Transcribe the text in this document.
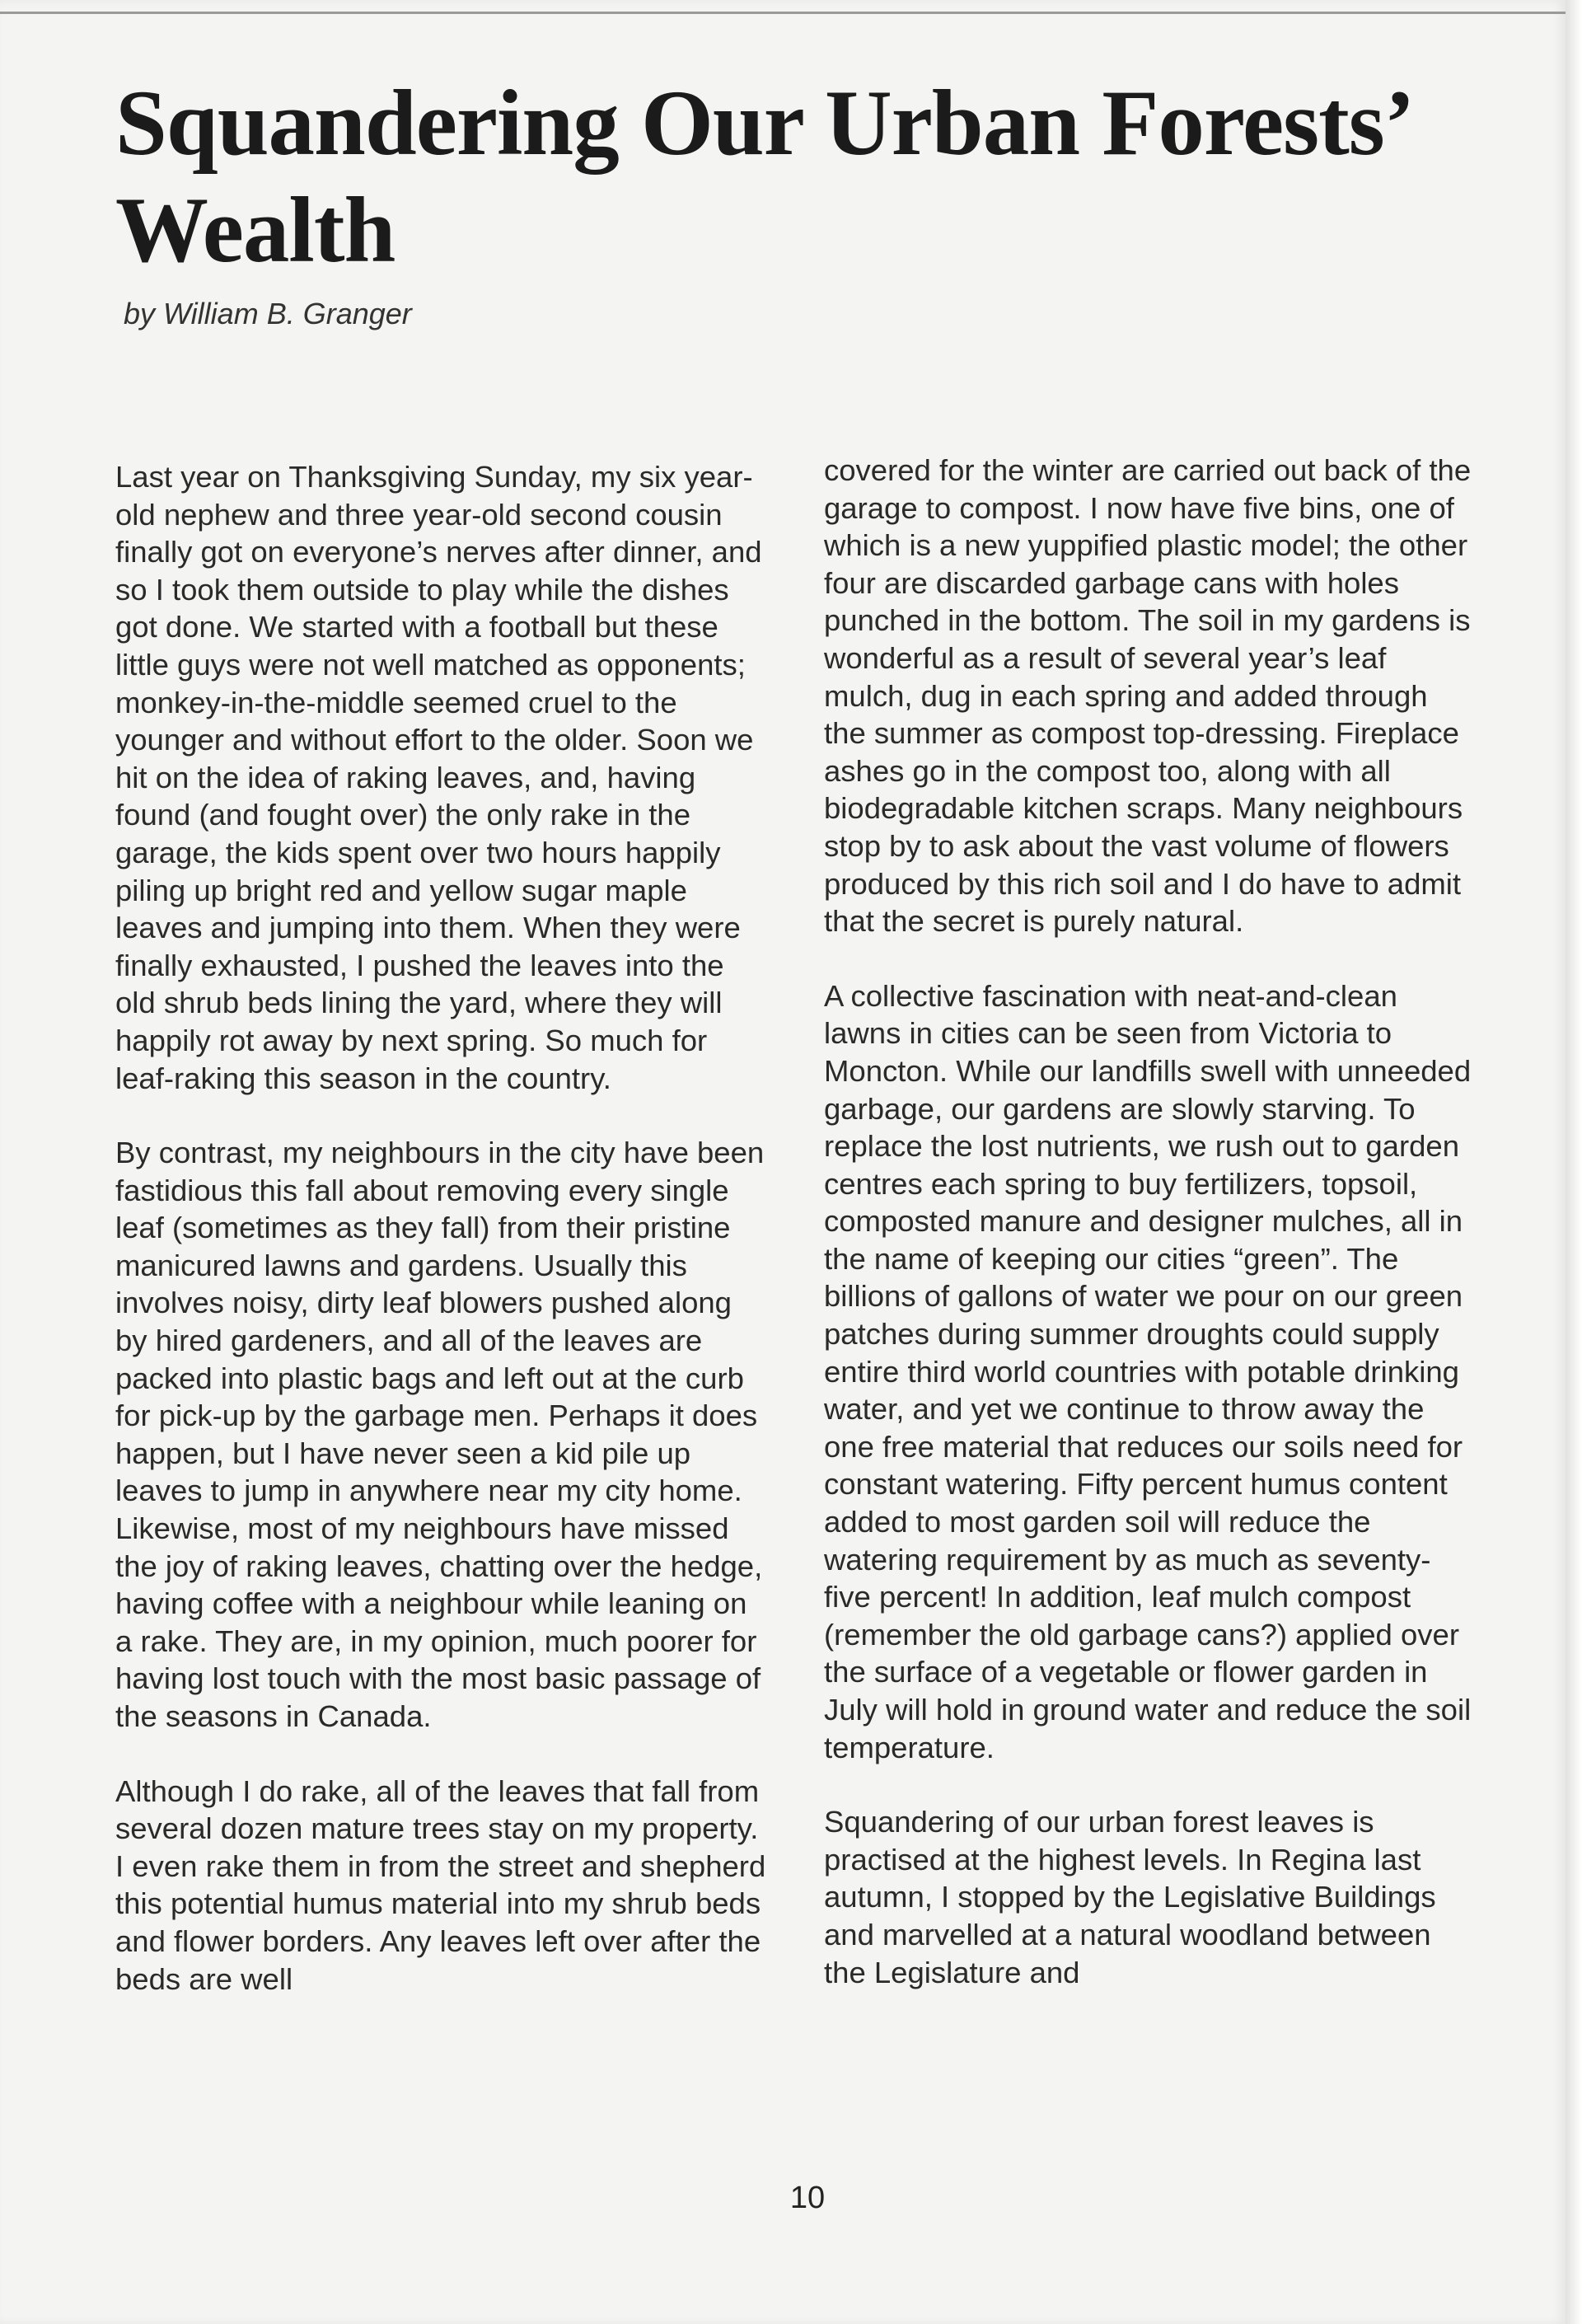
Squandering Our Urban Forests’ Wealth
by William B. Granger

Last year on Thanksgiving Sunday, my six year-old nephew and three year-old second cousin finally got on everyone’s nerves after dinner, and so I took them outside to play while the dishes got done. We started with a football but these little guys were not well matched as opponents; monkey-in-the-middle seemed cruel to the younger and without effort to the older. Soon we hit on the idea of raking leaves, and, having found (and fought over) the only rake in the garage, the kids spent over two hours happily piling up bright red and yellow sugar maple leaves and jumping into them. When they were finally exhausted, I pushed the leaves into the old shrub beds lining the yard, where they will happily rot away by next spring. So much for leaf-raking this season in the country.

By contrast, my neighbours in the city have been fastidious this fall about removing every single leaf (sometimes as they fall) from their pristine manicured lawns and gardens. Usually this involves noisy, dirty leaf blowers pushed along by hired gardeners, and all of the leaves are packed into plastic bags and left out at the curb for pick-up by the garbage men. Perhaps it does happen, but I have never seen a kid pile up leaves to jump in anywhere near my city home. Likewise, most of my neighbours have missed the joy of raking leaves, chatting over the hedge, having coffee with a neighbour while leaning on a rake. They are, in my opinion, much poorer for having lost touch with the most basic passage of the seasons in Canada.

Although I do rake, all of the leaves that fall from several dozen mature trees stay on my property. I even rake them in from the street and shepherd this potential humus material into my shrub beds and flower borders. Any leaves left over after the beds are well

covered for the winter are carried out back of the garage to compost. I now have five bins, one of which is a new yuppified plastic model; the other four are discarded garbage cans with holes punched in the bottom. The soil in my gardens is wonderful as a result of several year’s leaf mulch, dug in each spring and added through the summer as compost top-dressing. Fireplace ashes go in the compost too, along with all biodegradable kitchen scraps. Many neighbours stop by to ask about the vast volume of flowers produced by this rich soil and I do have to admit that the secret is purely natural.

A collective fascination with neat-and-clean lawns in cities can be seen from Victoria to Moncton. While our landfills swell with unneeded garbage, our gardens are slowly starving. To replace the lost nutrients, we rush out to garden centres each spring to buy fertilizers, topsoil, composted manure and designer mulches, all in the name of keeping our cities “green”. The billions of gallons of water we pour on our green patches during summer droughts could supply entire third world countries with potable drinking water, and yet we continue to throw away the one free material that reduces our soils need for constant watering. Fifty percent humus content added to most garden soil will reduce the watering requirement by as much as seventy-five percent! In addition, leaf mulch compost (remember the old garbage cans?) applied over the surface of a vegetable or flower garden in July will hold in ground water and reduce the soil temperature.

Squandering of our urban forest leaves is practised at the highest levels. In Regina last autumn, I stopped by the Legislative Buildings and marvelled at a natural woodland between the Legislature and

10
